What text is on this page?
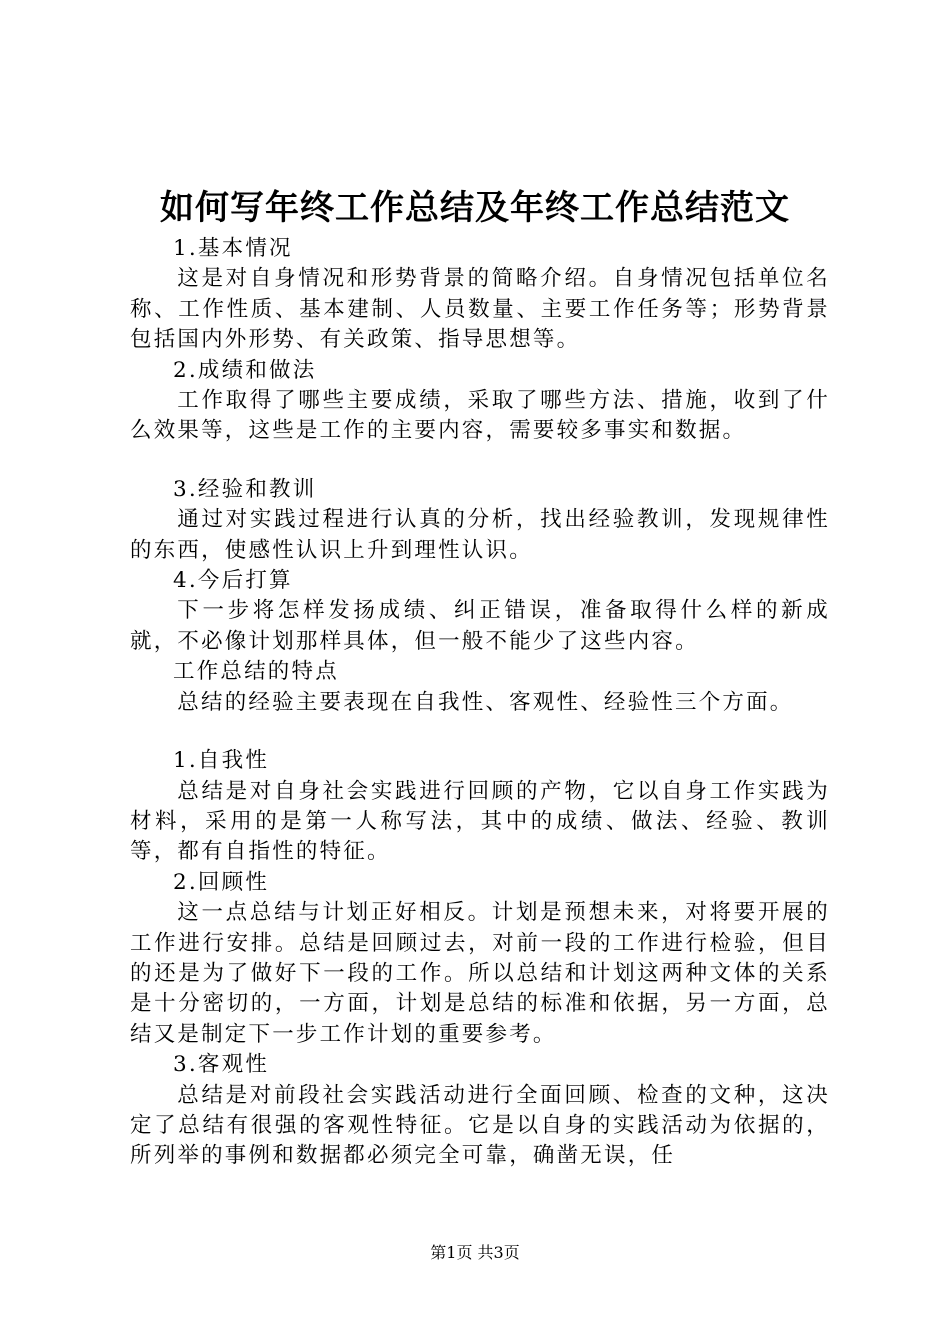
如何写年终工作总结及年终工作总结范文

1.基本情况

这是对自身情况和形势背景的简略介绍。自身情况包括单位名称、工作性质、基本建制、人员数量、主要工作任务等；形势背景包括国内外形势、有关政策、指导思想等。

2.成绩和做法

工作取得了哪些主要成绩，采取了哪些方法、措施，收到了什么效果等，这些是工作的主要内容，需要较多事实和数据。

3.经验和教训

通过对实践过程进行认真的分析，找出经验教训，发现规律性的东西，使感性认识上升到理性认识。

4.今后打算

下一步将怎样发扬成绩、纠正错误，准备取得什么样的新成就，不必像计划那样具体，但一般不能少了这些内容。

工作总结的特点

总结的经验主要表现在自我性、客观性、经验性三个方面。

1.自我性

总结是对自身社会实践进行回顾的产物，它以自身工作实践为材料，采用的是第一人称写法，其中的成绩、做法、经验、教训等，都有自指性的特征。

2.回顾性

这一点总结与计划正好相反。计划是预想未来，对将要开展的工作进行安排。总结是回顾过去，对前一段的工作进行检验，但目的还是为了做好下一段的工作。所以总结和计划这两种文体的关系是十分密切的，一方面，计划是总结的标准和依据，另一方面，总结又是制定下一步工作计划的重要参考。

3.客观性

总结是对前段社会实践活动进行全面回顾、检查的文种，这决定了总结有很强的客观性特征。它是以自身的实践活动为依据的，所列举的事例和数据都必须完全可靠，确凿无误，任

第1页 共3页
